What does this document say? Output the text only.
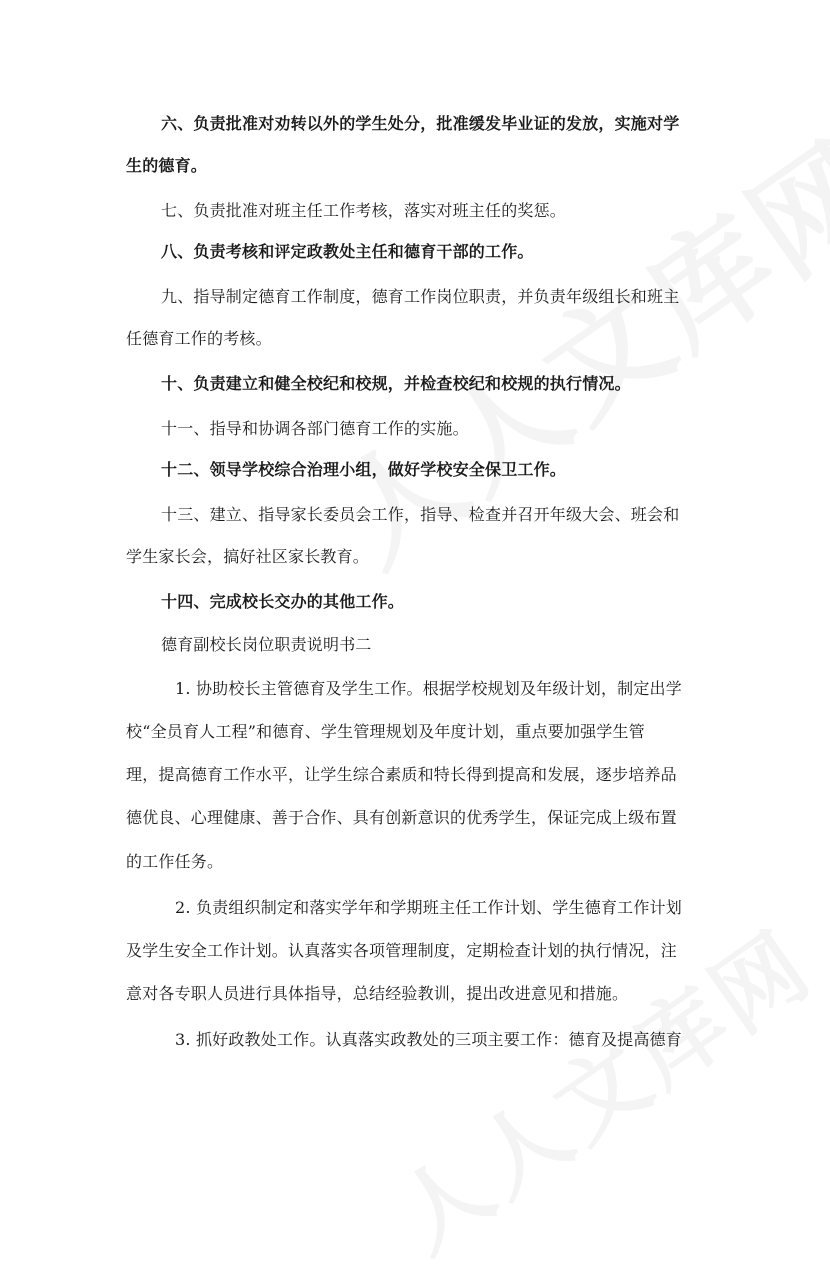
六、负责批准对劝转以外的学生处分，批准缓发毕业证的发放，实施对学
生的德育。
七、负责批准对班主任工作考核，落实对班主任的奖惩。
八、负责考核和评定政教处主任和德育干部的工作。
九、指导制定德育工作制度，德育工作岗位职责，并负责年级组长和班主
任德育工作的考核。
十、负责建立和健全校纪和校规，并检查校纪和校规的执行情况。
十一、指导和协调各部门德育工作的实施。
十二、领导学校综合治理小组，做好学校安全保卫工作。
十三、建立、指导家长委员会工作，指导、检查并召开年级大会、班会和
学生家长会，搞好社区家长教育。
十四、完成校长交办的其他工作。
德育副校长岗位职责说明书二
1. 协助校长主管德育及学生工作。根据学校规划及年级计划，制定出学
校“全员育人工程”和德育、学生管理规划及年度计划，重点要加强学生管
理，提高德育工作水平，让学生综合素质和特长得到提高和发展，逐步培养品
德优良、心理健康、善于合作、具有创新意识的优秀学生，保证完成上级布置
的工作任务。
2. 负责组织制定和落实学年和学期班主任工作计划、学生德育工作计划
及学生安全工作计划。认真落实各项管理制度，定期检查计划的执行情况，注
意对各专职人员进行具体指导，总结经验教训，提出改进意见和措施。
3. 抓好政教处工作。认真落实政教处的三项主要工作：德育及提高德育
